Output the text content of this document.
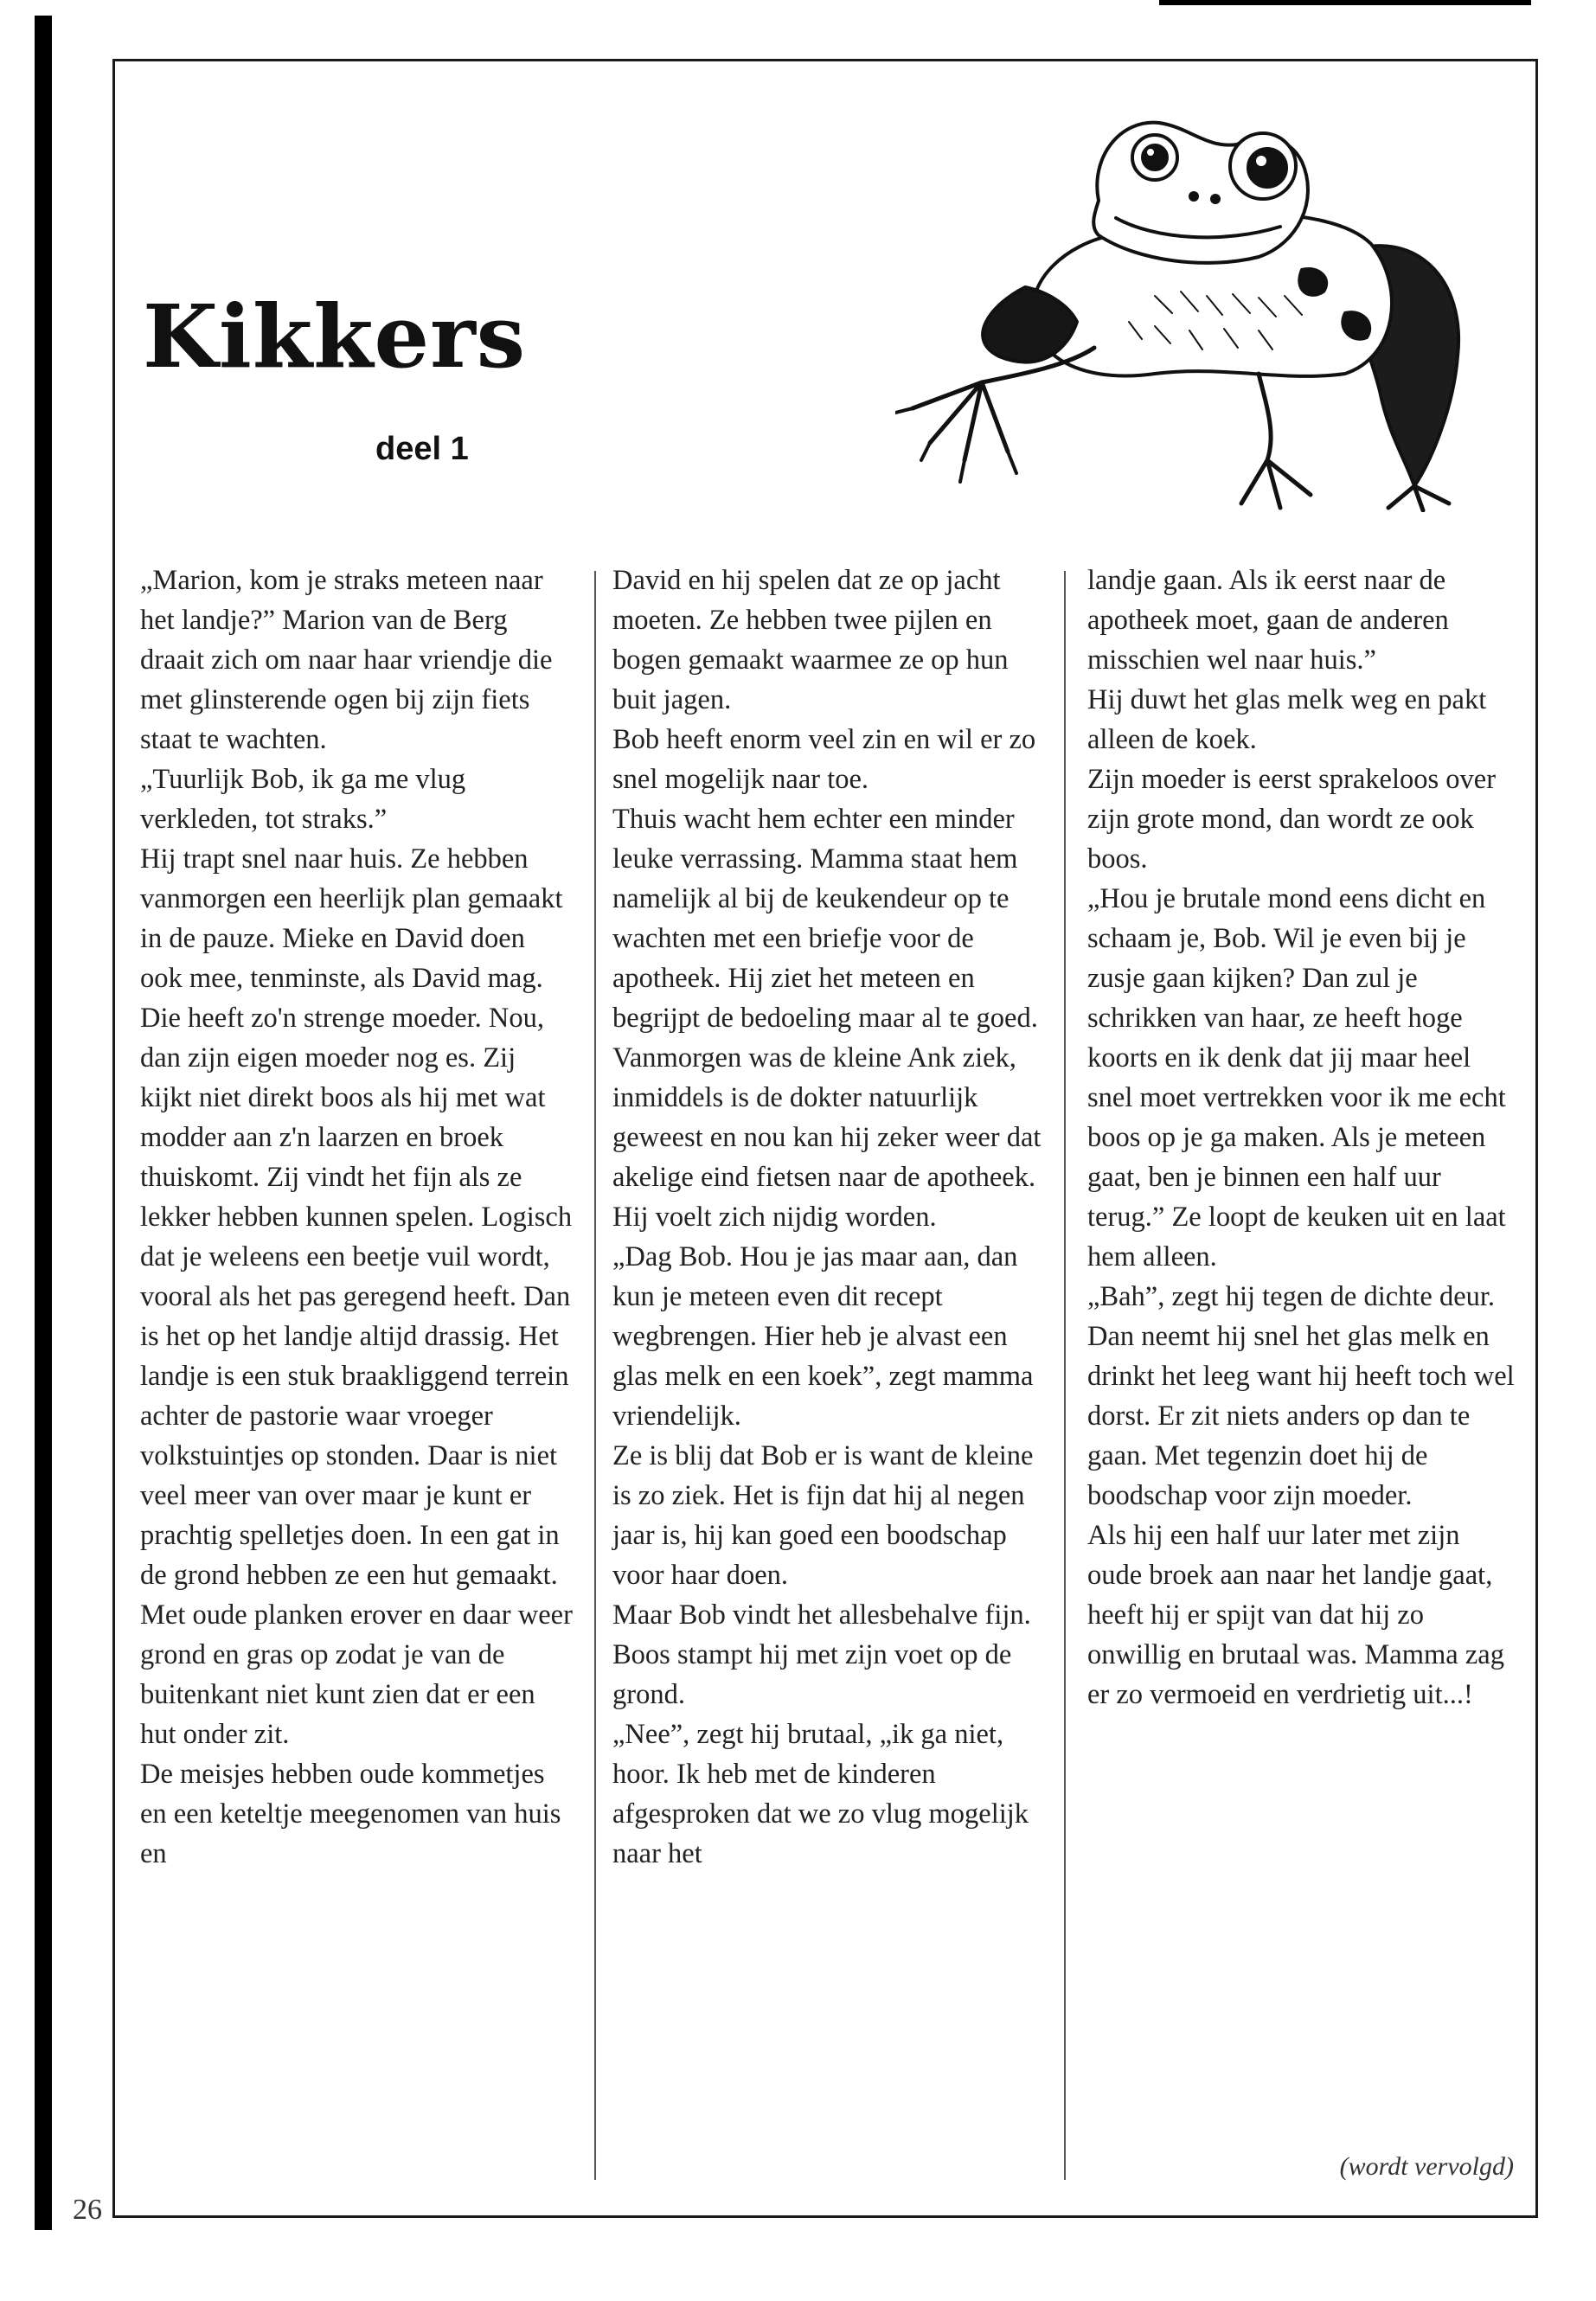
Kikkers
deel 1

„Marion, kom je straks meteen naar het landje?” Marion van de Berg draait zich om naar haar vriendje die met glinsterende ogen bij zijn fiets staat te wachten.

„Tuurlijk Bob, ik ga me vlug verkleden, tot straks.”

Hij trapt snel naar huis. Ze hebben vanmorgen een heerlijk plan gemaakt in de pauze. Mieke en David doen ook mee, tenminste, als David mag. Die heeft zo'n strenge moeder. Nou, dan zijn eigen moeder nog es. Zij kijkt niet direkt boos als hij met wat modder aan z'n laarzen en broek thuiskomt. Zij vindt het fijn als ze lekker hebben kunnen spelen. Logisch dat je weleens een beetje vuil wordt, vooral als het pas geregend heeft. Dan is het op het landje altijd drassig. Het landje is een stuk braakliggend terrein achter de pastorie waar vroeger volkstuintjes op stonden. Daar is niet veel meer van over maar je kunt er prachtig spelletjes doen. In een gat in de grond hebben ze een hut gemaakt. Met oude planken erover en daar weer grond en gras op zodat je van de buitenkant niet kunt zien dat er een hut onder zit.

De meisjes hebben oude kommetjes en een keteltje meegenomen van huis en

David en hij spelen dat ze op jacht moeten. Ze hebben twee pijlen en bogen gemaakt waarmee ze op hun buit jagen.

Bob heeft enorm veel zin en wil er zo snel mogelijk naar toe.

Thuis wacht hem echter een minder leuke verrassing. Mamma staat hem namelijk al bij de keukendeur op te wachten met een briefje voor de apotheek. Hij ziet het meteen en begrijpt de bedoeling maar al te goed. Vanmorgen was de kleine Ank ziek, inmiddels is de dokter natuurlijk geweest en nou kan hij zeker weer dat akelige eind fietsen naar de apotheek. Hij voelt zich nijdig worden.

„Dag Bob. Hou je jas maar aan, dan kun je meteen even dit recept wegbrengen. Hier heb je alvast een glas melk en een koek”, zegt mamma vriendelijk.

Ze is blij dat Bob er is want de kleine is zo ziek. Het is fijn dat hij al negen jaar is, hij kan goed een boodschap voor haar doen.

Maar Bob vindt het allesbehalve fijn. Boos stampt hij met zijn voet op de grond.

„Nee”, zegt hij brutaal, „ik ga niet, hoor. Ik heb met de kinderen afgesproken dat we zo vlug mogelijk naar het

landje gaan. Als ik eerst naar de apotheek moet, gaan de anderen misschien wel naar huis.”

Hij duwt het glas melk weg en pakt alleen de koek.

Zijn moeder is eerst sprakeloos over zijn grote mond, dan wordt ze ook boos.

„Hou je brutale mond eens dicht en schaam je, Bob. Wil je even bij je zusje gaan kijken? Dan zul je schrikken van haar, ze heeft hoge koorts en ik denk dat jij maar heel snel moet vertrekken voor ik me echt boos op je ga maken. Als je meteen gaat, ben je binnen een half uur terug.” Ze loopt de keuken uit en laat hem alleen.

„Bah”, zegt hij tegen de dichte deur. Dan neemt hij snel het glas melk en drinkt het leeg want hij heeft toch wel dorst. Er zit niets anders op dan te gaan. Met tegenzin doet hij de boodschap voor zijn moeder.

Als hij een half uur later met zijn oude broek aan naar het landje gaat, heeft hij er spijt van dat hij zo onwillig en brutaal was. Mamma zag er zo vermoeid en verdrietig uit...!

(wordt vervolgd)
26
